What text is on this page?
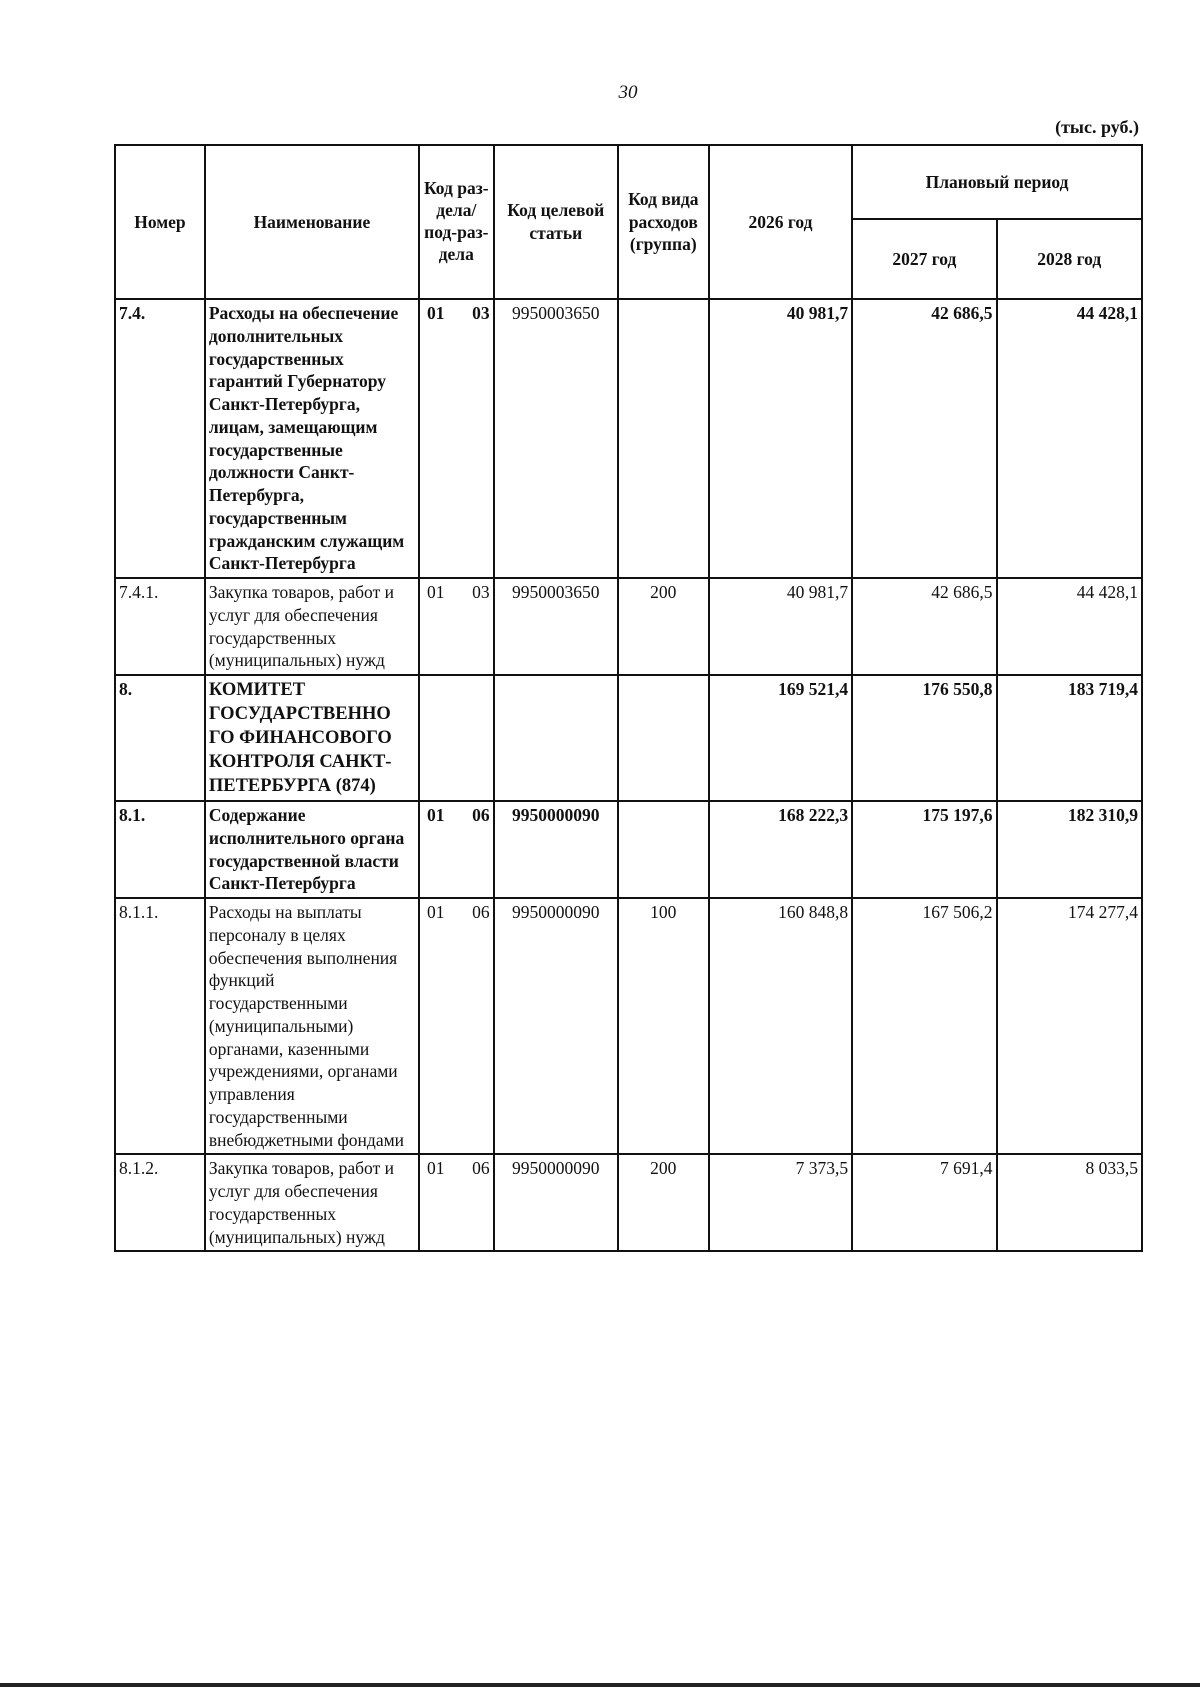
30
(тыс. руб.)
Номер	Наименование	Код раз-дела/ под-раз-дела	Код целевой статьи	Код вида расходов (группа)	2026 год	Плановый период	
						2027 год	2028 год
7.4.	Расходы на обеспечение дополнительных государственных гарантий Губернатору Санкт-Петербурга, лицам, замещающим государственные должности Санкт-Петербурга, государственным гражданским служащим Санкт-Петербурга	01 03	9950003650		40 981,7	42 686,5	44 428,1
7.4.1.	Закупка товаров, работ и услуг для обеспечения государственных (муниципальных) нужд	01 03	9950003650	200	40 981,7	42 686,5	44 428,1
8.	КОМИТЕТ ГОСУДАРСТВЕННО ГО ФИНАНСОВОГО КОНТРОЛЯ САНКТ-ПЕТЕРБУРГА (874)				169 521,4	176 550,8	183 719,4
8.1.	Содержание исполнительного органа государственной власти Санкт-Петербурга	01 06	9950000090		168 222,3	175 197,6	182 310,9
8.1.1.	Расходы на выплаты персоналу в целях обеспечения выполнения функций государственными (муниципальными) органами, казенными учреждениями, органами управления государственными внебюджетными фондами	01 06	9950000090	100	160 848,8	167 506,2	174 277,4
8.1.2.	Закупка товаров, работ и услуг для обеспечения государственных (муниципальных) нужд	01 06	9950000090	200	7 373,5	7 691,4	8 033,5
